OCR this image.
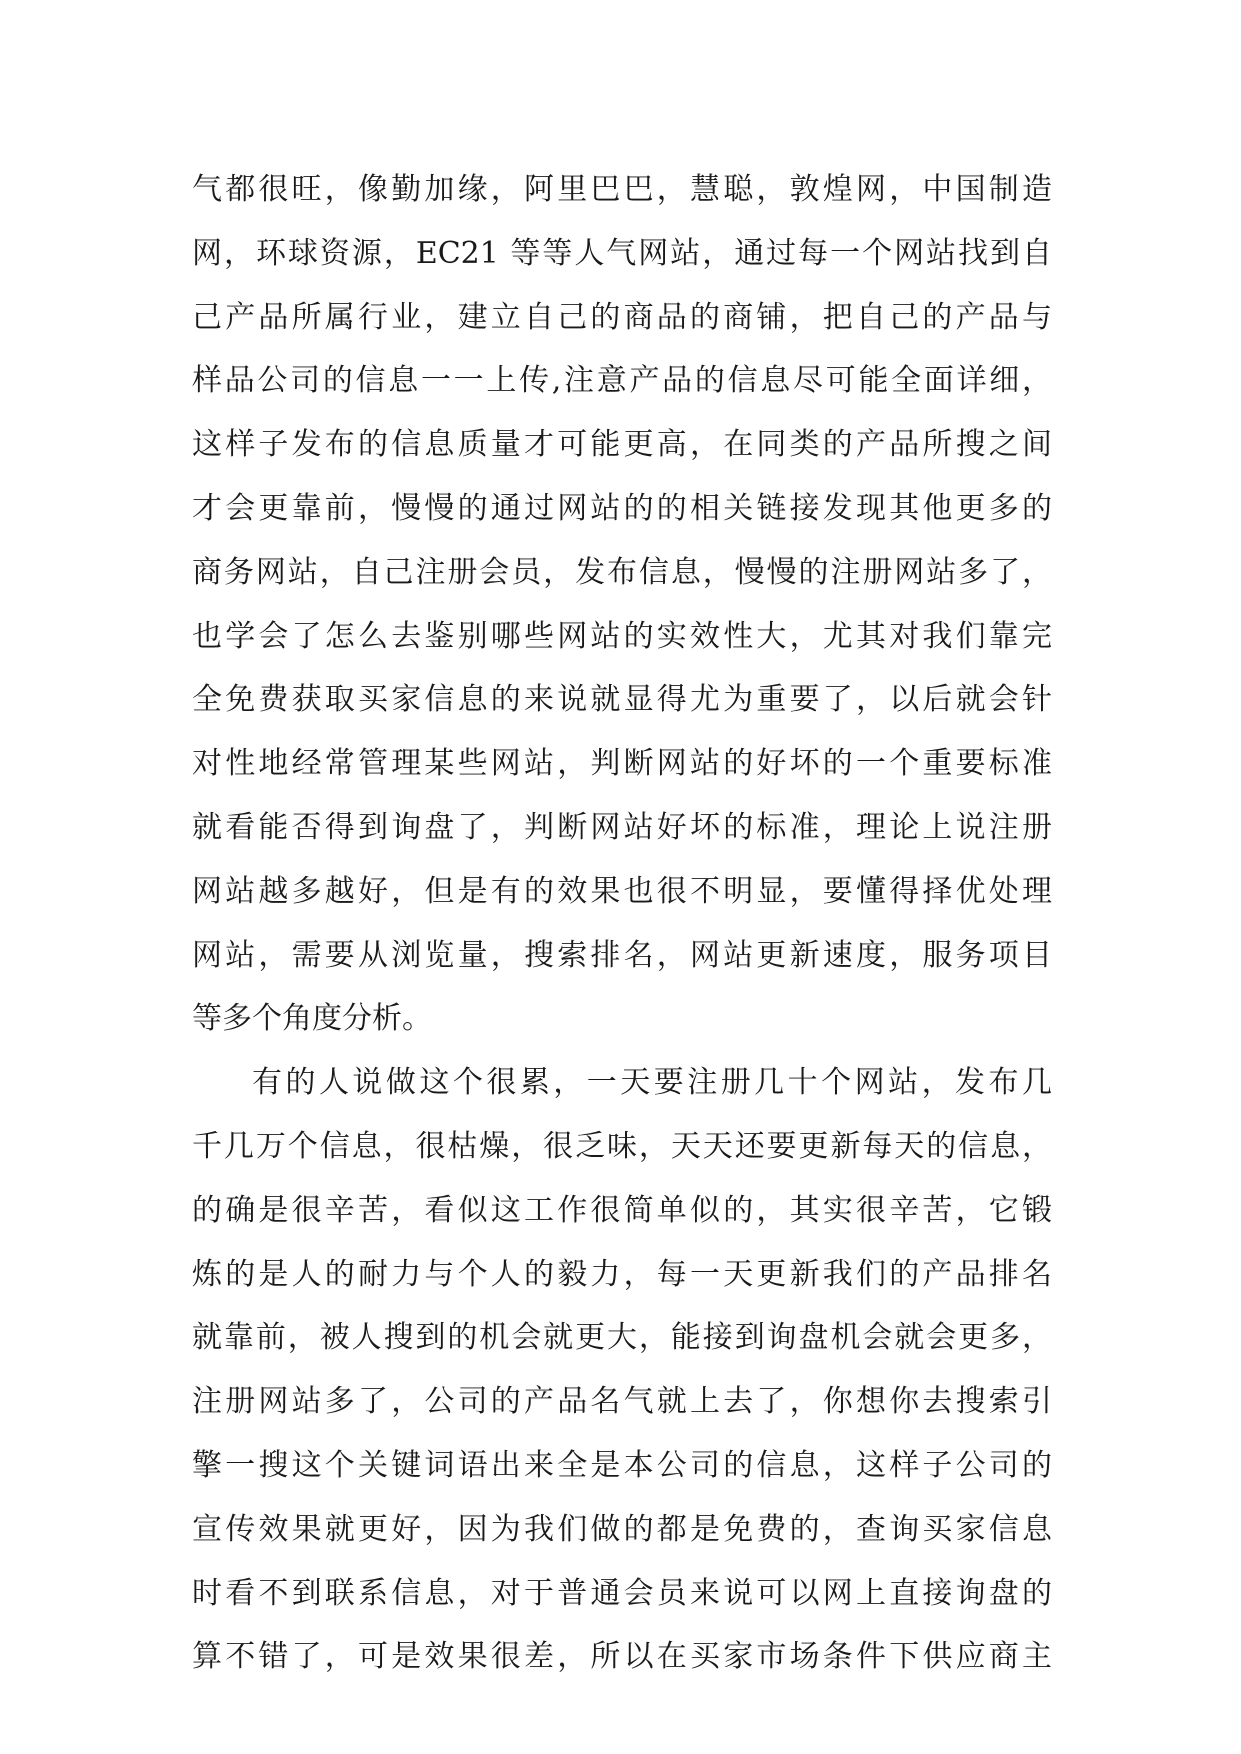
气都很旺，像勤加缘，阿里巴巴，慧聪，敦煌网，中国制造
网，环球资源，EC21 等等人气网站，通过每一个网站找到自
己产品所属行业，建立自己的商品的商铺，把自己的产品与
样品公司的信息一一上传,注意产品的信息尽可能全面详细，
这样子发布的信息质量才可能更高，在同类的产品所搜之间
才会更靠前，慢慢的通过网站的的相关链接发现其他更多的
商务网站，自己注册会员，发布信息，慢慢的注册网站多了，
也学会了怎么去鉴别哪些网站的实效性大，尤其对我们靠完
全免费获取买家信息的来说就显得尤为重要了，以后就会针
对性地经常管理某些网站，判断网站的好坏的一个重要标准
就看能否得到询盘了，判断网站好坏的标准，理论上说注册
网站越多越好，但是有的效果也很不明显，要懂得择优处理
网站，需要从浏览量，搜索排名，网站更新速度，服务项目
等多个角度分析。
有的人说做这个很累，一天要注册几十个网站，发布几
千几万个信息，很枯燥，很乏味，天天还要更新每天的信息，
的确是很辛苦，看似这工作很简单似的，其实很辛苦，它锻
炼的是人的耐力与个人的毅力，每一天更新我们的产品排名
就靠前，被人搜到的机会就更大，能接到询盘机会就会更多，
注册网站多了，公司的产品名气就上去了，你想你去搜索引
擎一搜这个关键词语出来全是本公司的信息，这样子公司的
宣传效果就更好，因为我们做的都是免费的，查询买家信息
时看不到联系信息，对于普通会员来说可以网上直接询盘的
算不错了，可是效果很差，所以在买家市场条件下供应商主
